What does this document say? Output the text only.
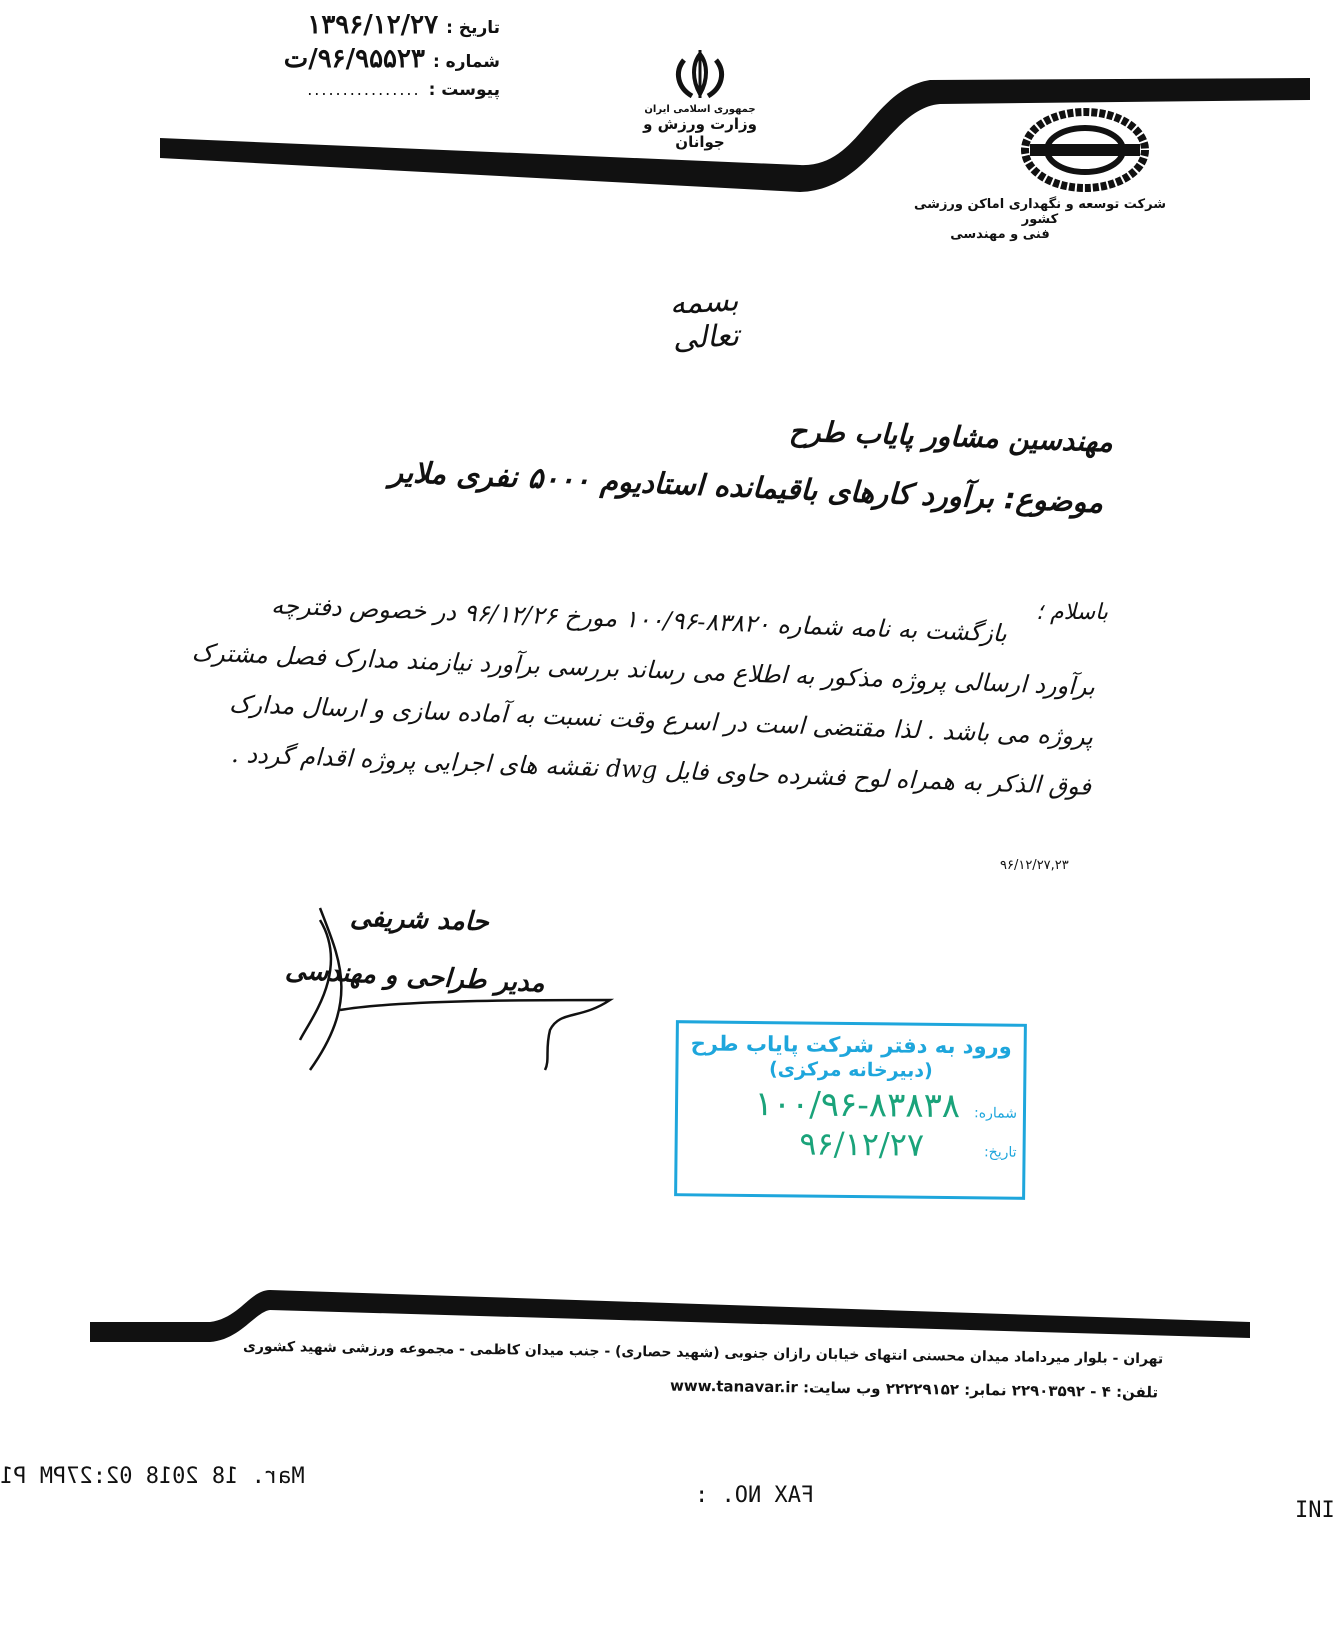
تاریخ :
۱۳۹۶/۱۲/۲۷
شماره :
۹۶/۹۵۵۲۳/ت
پیوست :
................
جمهوری اسلامی ایران
وزارت ورزش و جوانان
شرکت توسعه و نگهداری اماکن ورزشی کشور
فنی و مهندسی
بسمه تعالی
مهندسین مشاور پایاب طرح
موضوع: برآورد کارهای باقیمانده استادیوم ۵۰۰۰ نفری ملایر
باسلام ؛
بازگشت به نامه شماره ۸۳۸۲۰-۱۰۰/۹۶ مورخ ۹۶/۱۲/۲۶ در خصوص دفترچه
برآورد ارسالی پروژه مذکور به اطلاع می رساند بررسی برآورد نیازمند مدارک فصل مشترک
پروژه می باشد . لذا مقتضی است در اسرع وقت نسبت به آماده سازی و ارسال مدارک
فوق الذکر به همراه لوح فشرده حاوی فایل dwg نقشه های اجرایی پروژه اقدام گردد .
۹۶/۱۲/۲۷,۲۳
حامد شریفی
مدیر طراحی و مهندسی
ورود به دفتر شرکت پایاب طرح
(دبیرخانه مرکزی)
شماره:
۱۰۰/۹۶-۸۳۸۳۸
تاریخ:
۹۶/۱۲/۲۷
تهران - بلوار میرداماد میدان محسنی انتهای خیابان رازان جنوبی (شهید حصاری) - جنب میدان کاظمی - مجموعه ورزشی شهید کشوری
تلفن: ۴ - ۲۲۹۰۳۵۹۲ نمابر: ۲۲۲۲۹۱۵۲ وب سایت: www.tanavar.ir
Mar. 18 2018 02:27PM P1
FAX NO. :
INI
